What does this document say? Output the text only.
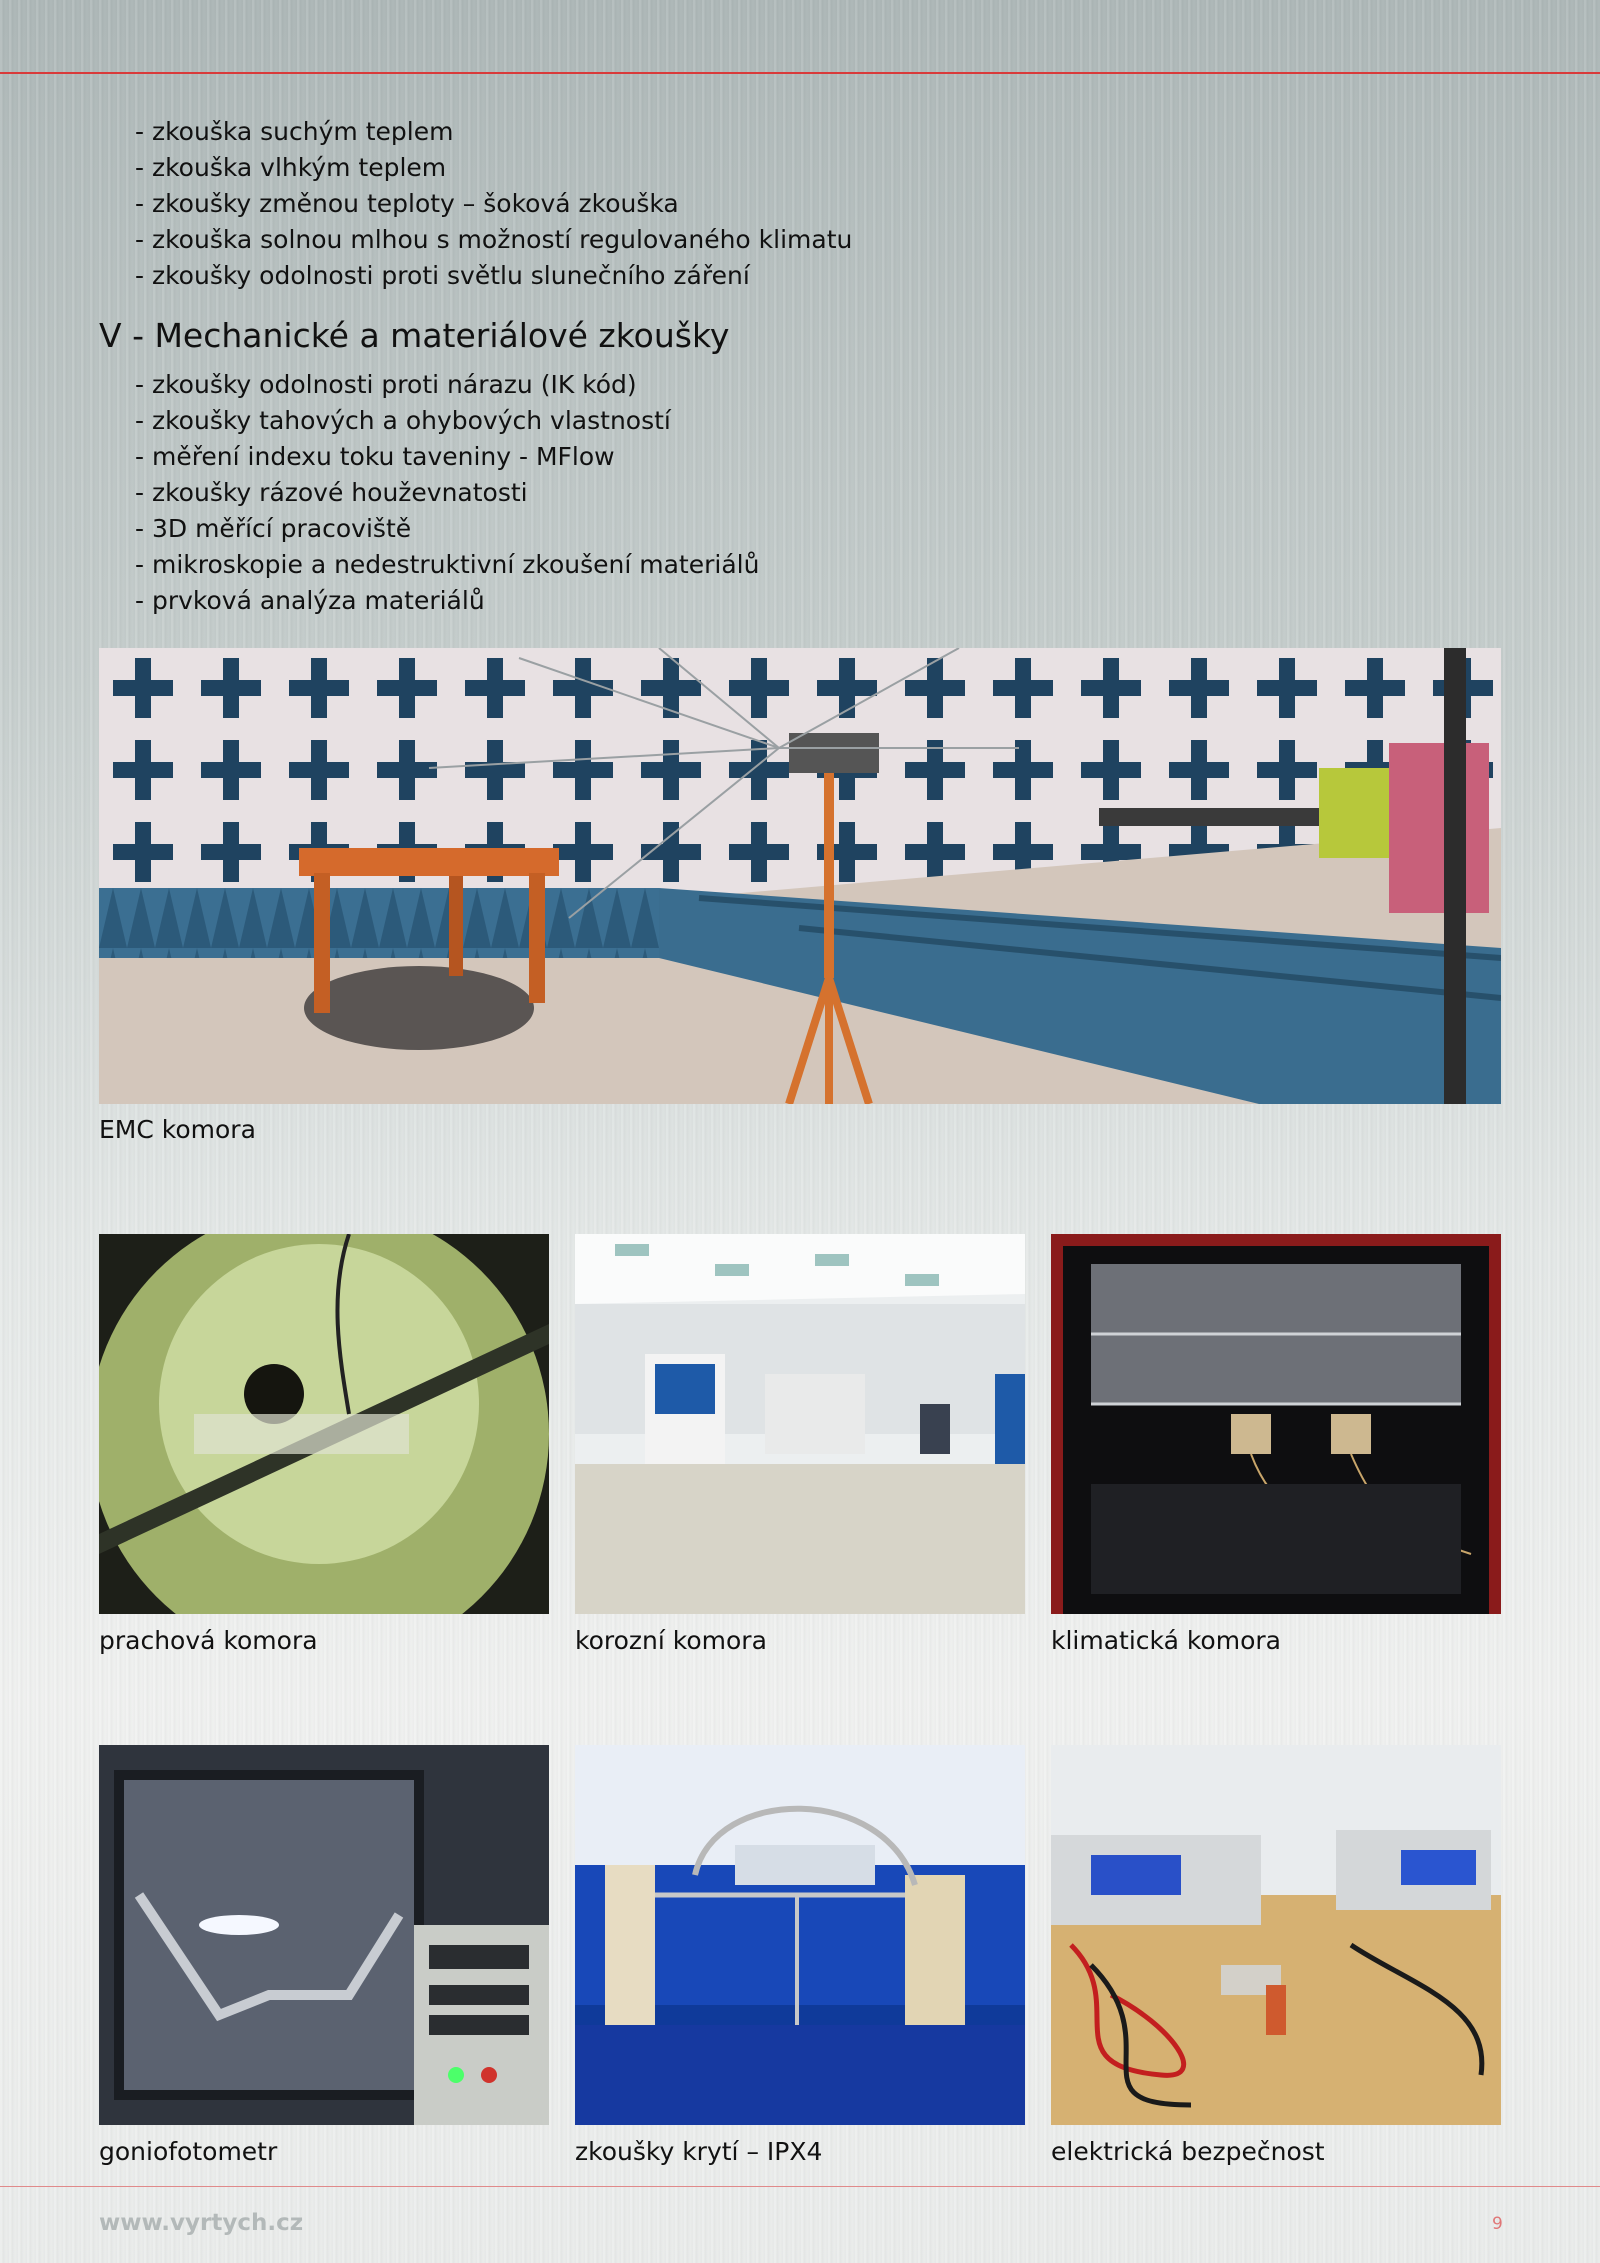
- zkouška suchým teplem
- zkouška vlhkým teplem
- zkoušky změnou teploty – šoková zkouška
- zkouška solnou mlhou s možností regulovaného klimatu
- zkoušky odolnosti proti světlu slunečního záření
V - Mechanické a materiálové zkoušky
- zkoušky odolnosti proti nárazu (IK kód)
- zkoušky tahových a ohybových vlastností
- měření indexu toku taveniny - MFlow
- zkoušky rázové houževnatosti
- 3D měřící pracoviště
- mikroskopie a nedestruktivní zkoušení materiálů
- prvková analýza materiálů
EMC komora
prachová komora	korozní komora	klimatická komora
goniofotometr	zkoušky krytí – IPX4	elektrická bezpečnost
www.vyrtych.cz	9
